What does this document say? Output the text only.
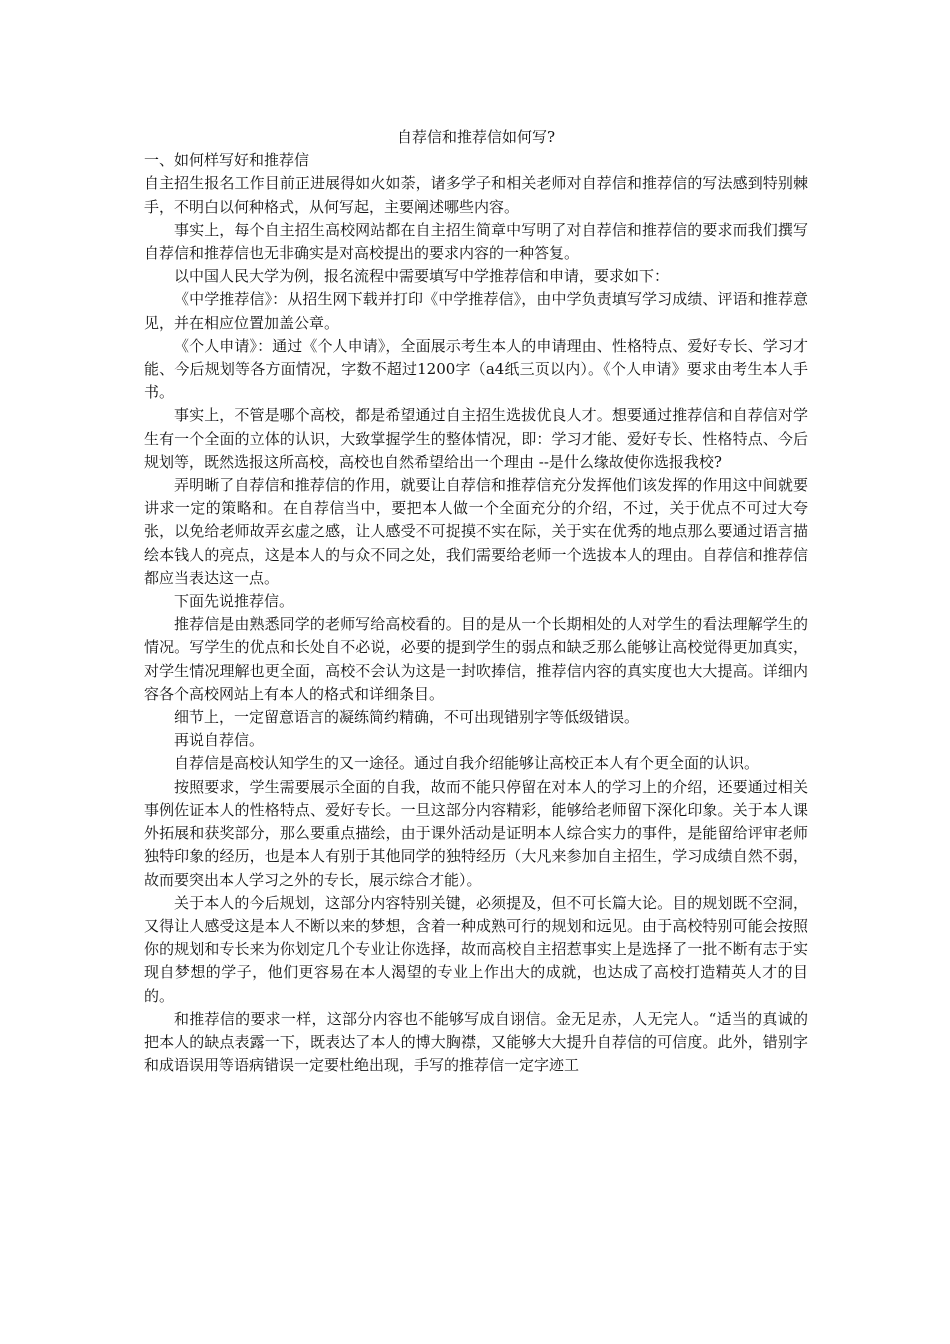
自荐信和推荐信如何写?

一、如何样写好和推荐信

自主招生报名工作目前正进展得如火如荼，诸多学子和相关老师对自荐信和推荐信的写法感到特别棘手，不明白以何种格式，从何写起，主要阐述哪些内容。

事实上，每个自主招生高校网站都在自主招生简章中写明了对自荐信和推荐信的要求而我们撰写自荐信和推荐信也无非确实是对高校提出的要求内容的一种答复。

以中国人民大学为例，报名流程中需要填写中学推荐信和申请，要求如下：

《中学推荐信》：从招生网下载并打印《中学推荐信》，由中学负责填写学习成绩、评语和推荐意见，并在相应位置加盖公章。

《个人申请》：通过《个人申请》，全面展示考生本人的申请理由、性格特点、爱好专长、学习才能、今后规划等各方面情况，字数不超过1200字（a4纸三页以内）。《个人申请》要求由考生本人手书。

事实上，不管是哪个高校，都是希望通过自主招生选拔优良人才。想要通过推荐信和自荐信对学生有一个全面的立体的认识，大致掌握学生的整体情况，即：学习才能、爱好专长、性格特点、今后规划等，既然选报这所高校，高校也自然希望给出一个理由 --是什么缘故使你选报我校?

弄明晰了自荐信和推荐信的作用，就要让自荐信和推荐信充分发挥他们该发挥的作用这中间就要讲求一定的策略和。在自荐信当中，要把本人做一个全面充分的介绍，不过，关于优点不可过大夸张，以免给老师故弄玄虚之感，让人感受不可捉摸不实在际，关于实在优秀的地点那么要通过语言描绘本钱人的亮点，这是本人的与众不同之处，我们需要给老师一个选拔本人的理由。自荐信和推荐信都应当表达这一点。

下面先说推荐信。

推荐信是由熟悉同学的老师写给高校看的。目的是从一个长期相处的人对学生的看法理解学生的情况。写学生的优点和长处自不必说，必要的提到学生的弱点和缺乏那么能够让高校觉得更加真实，对学生情况理解也更全面，高校不会认为这是一封吹捧信，推荐信内容的真实度也大大提高。详细内容各个高校网站上有本人的格式和详细条目。

细节上，一定留意语言的凝练简约精确，不可出现错别字等低级错误。

再说自荐信。

自荐信是高校认知学生的又一途径。通过自我介绍能够让高校正本人有个更全面的认识。

按照要求，学生需要展示全面的自我，故而不能只停留在对本人的学习上的介绍，还要通过相关事例佐证本人的性格特点、爱好专长。一旦这部分内容精彩，能够给老师留下深化印象。关于本人课外拓展和获奖部分，那么要重点描绘，由于课外活动是证明本人综合实力的事件，是能留给评审老师独特印象的经历，也是本人有别于其他同学的独特经历（大凡来参加自主招生，学习成绩自然不弱，故而要突出本人学习之外的专长，展示综合才能）。

关于本人的今后规划，这部分内容特别关键，必须提及，但不可长篇大论。目的规划既不空洞，又得让人感受这是本人不断以来的梦想，含着一种成熟可行的规划和远见。由于高校特别可能会按照你的规划和专长来为你划定几个专业让你选择，故而高校自主招惹事实上是选择了一批不断有志于实现自梦想的学子，他们更容易在本人渴望的专业上作出大的成就，也达成了高校打造精英人才的目的。

和推荐信的要求一样，这部分内容也不能够写成自诩信。金无足赤，人无完人。“适当的真诚的把本人的缺点表露一下，既表达了本人的博大胸襟，又能够大大提升自荐信的可信度。此外，错别字和成语误用等语病错误一定要杜绝出现，手写的推荐信一定字迹工
